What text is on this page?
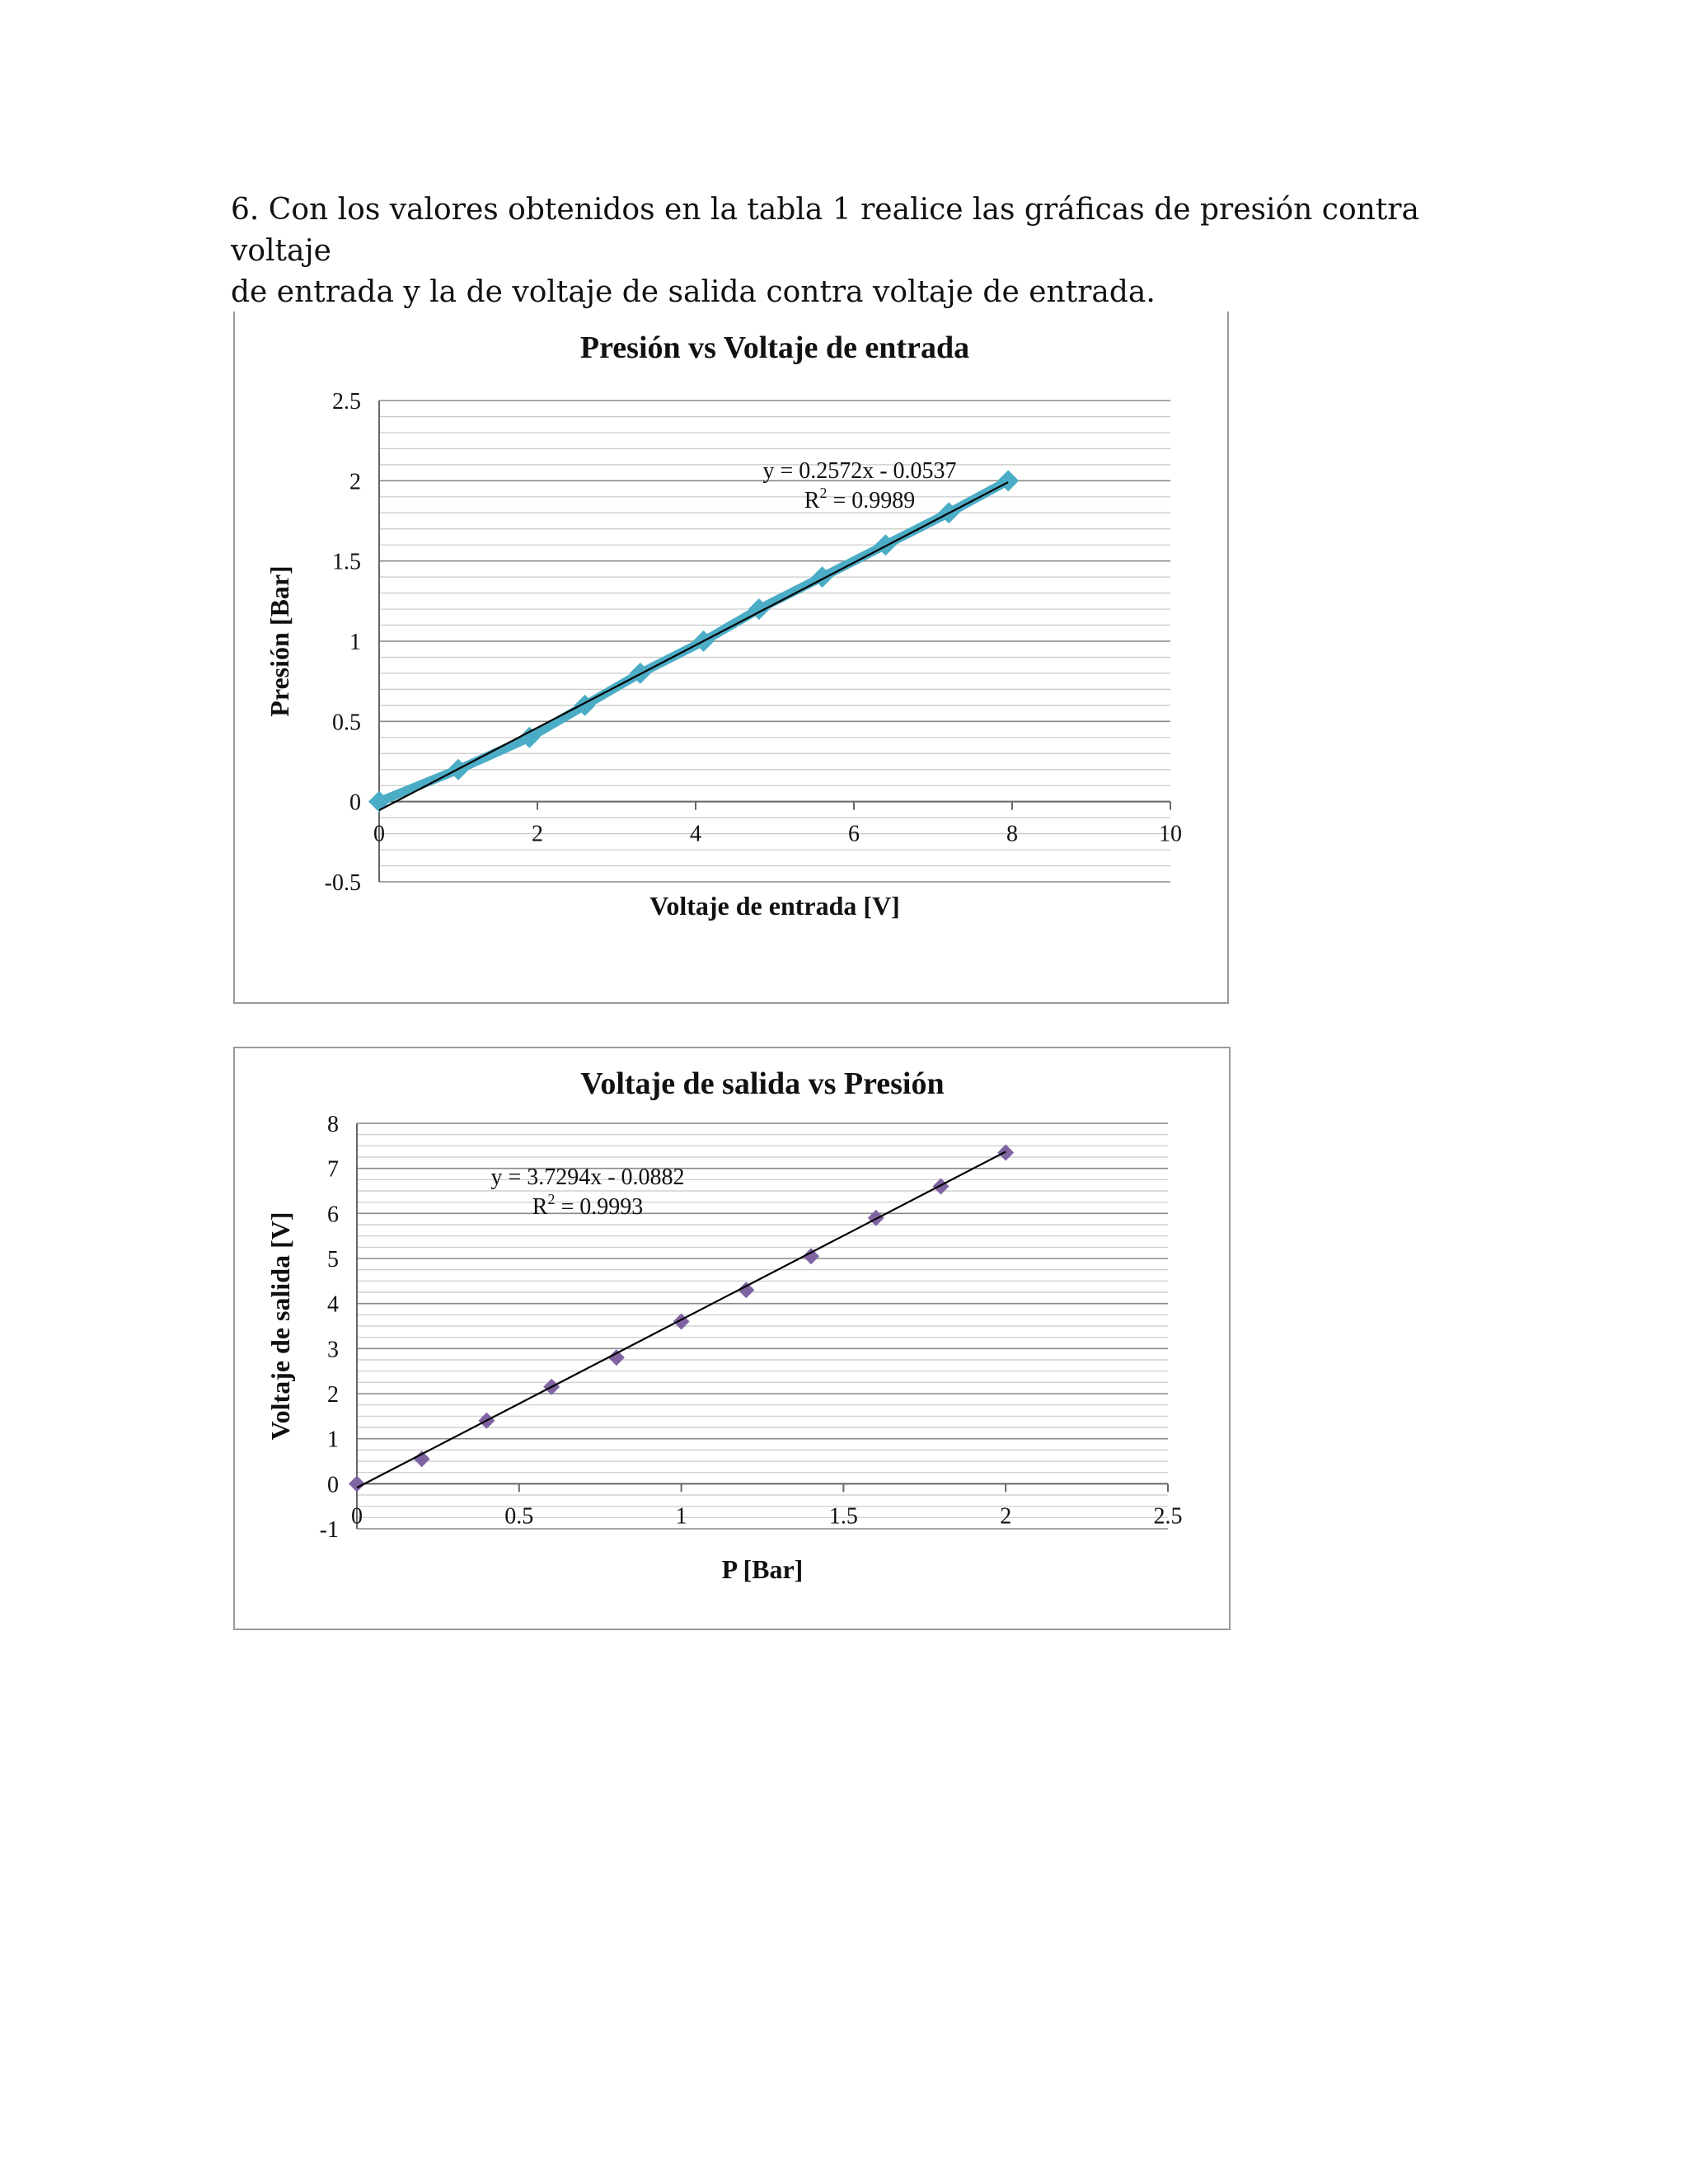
6. Con los valores obtenidos en la tabla 1 realice las gráficas de presión contra voltaje
de entrada y la de voltaje de salida contra voltaje de entrada.

Presión vs Voltaje de entrada
-0.5
0
0.5
1
1.5
2
2.5
0	2	4	6	8	10
Voltaje de entrada [V]
Presión [Bar]
y = 0.2572x - 0.0537
$R^2 = 0.9989$
Voltaje de salida vs Presión
-1
0
1
2
3
4
5
6
7
8
0	0.5	1	1.5	2	2.5
P [Bar]
Voltaje de salida [V]
y = 3.7294x - 0.0882
$R^2 = 0.9993$
